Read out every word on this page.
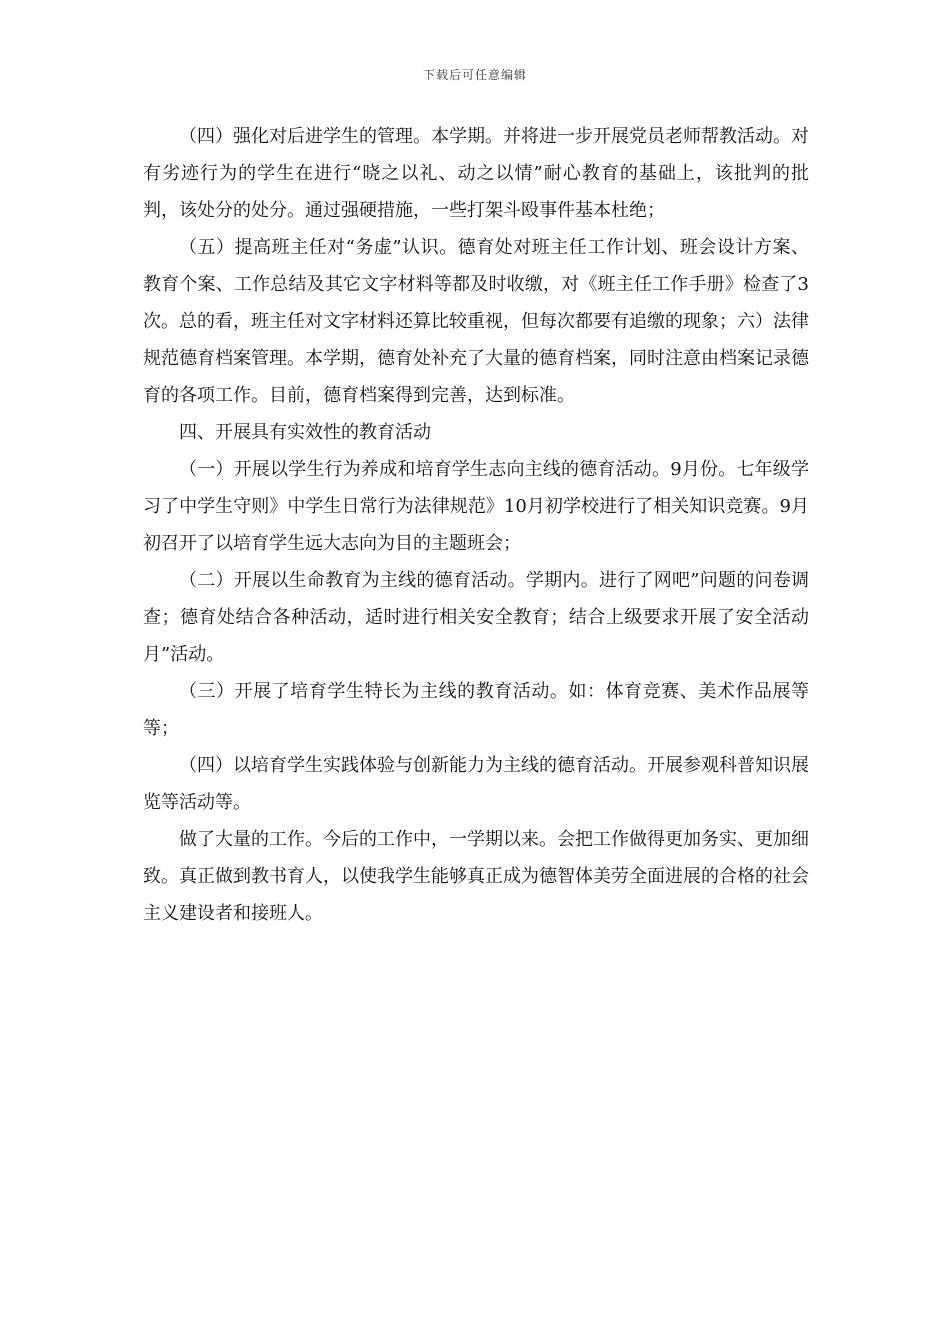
下载后可任意编辑

（四）强化对后进学生的管理。本学期。并将进一步开展党员老师帮教活动。对有劣迹行为的学生在进行“晓之以礼、动之以情”耐心教育的基础上，该批判的批判，该处分的处分。通过强硬措施，一些打架斗殴事件基本杜绝；

（五）提高班主任对“务虚”认识。德育处对班主任工作计划、班会设计方案、教育个案、工作总结及其它文字材料等都及时收缴，对《班主任工作手册》检查了3次。总的看，班主任对文字材料还算比较重视，但每次都要有追缴的现象；六）法律规范德育档案管理。本学期，德育处补充了大量的德育档案，同时注意由档案记录德育的各项工作。目前，德育档案得到完善，达到标准。

四、开展具有实效性的教育活动

（一）开展以学生行为养成和培育学生志向主线的德育活动。9月份。七年级学习了中学生守则》中学生日常行为法律规范》10月初学校进行了相关知识竞赛。9月初召开了以培育学生远大志向为目的主题班会；

（二）开展以生命教育为主线的德育活动。学期内。进行了网吧”问题的问卷调查；德育处结合各种活动，适时进行相关安全教育；结合上级要求开展了安全活动月”活动。

（三）开展了培育学生特长为主线的教育活动。如：体育竞赛、美术作品展等等；

（四）以培育学生实践体验与创新能力为主线的德育活动。开展参观科普知识展览等活动等。

做了大量的工作。今后的工作中，一学期以来。会把工作做得更加务实、更加细致。真正做到教书育人，以使我学生能够真正成为德智体美劳全面进展的合格的社会主义建设者和接班人。
